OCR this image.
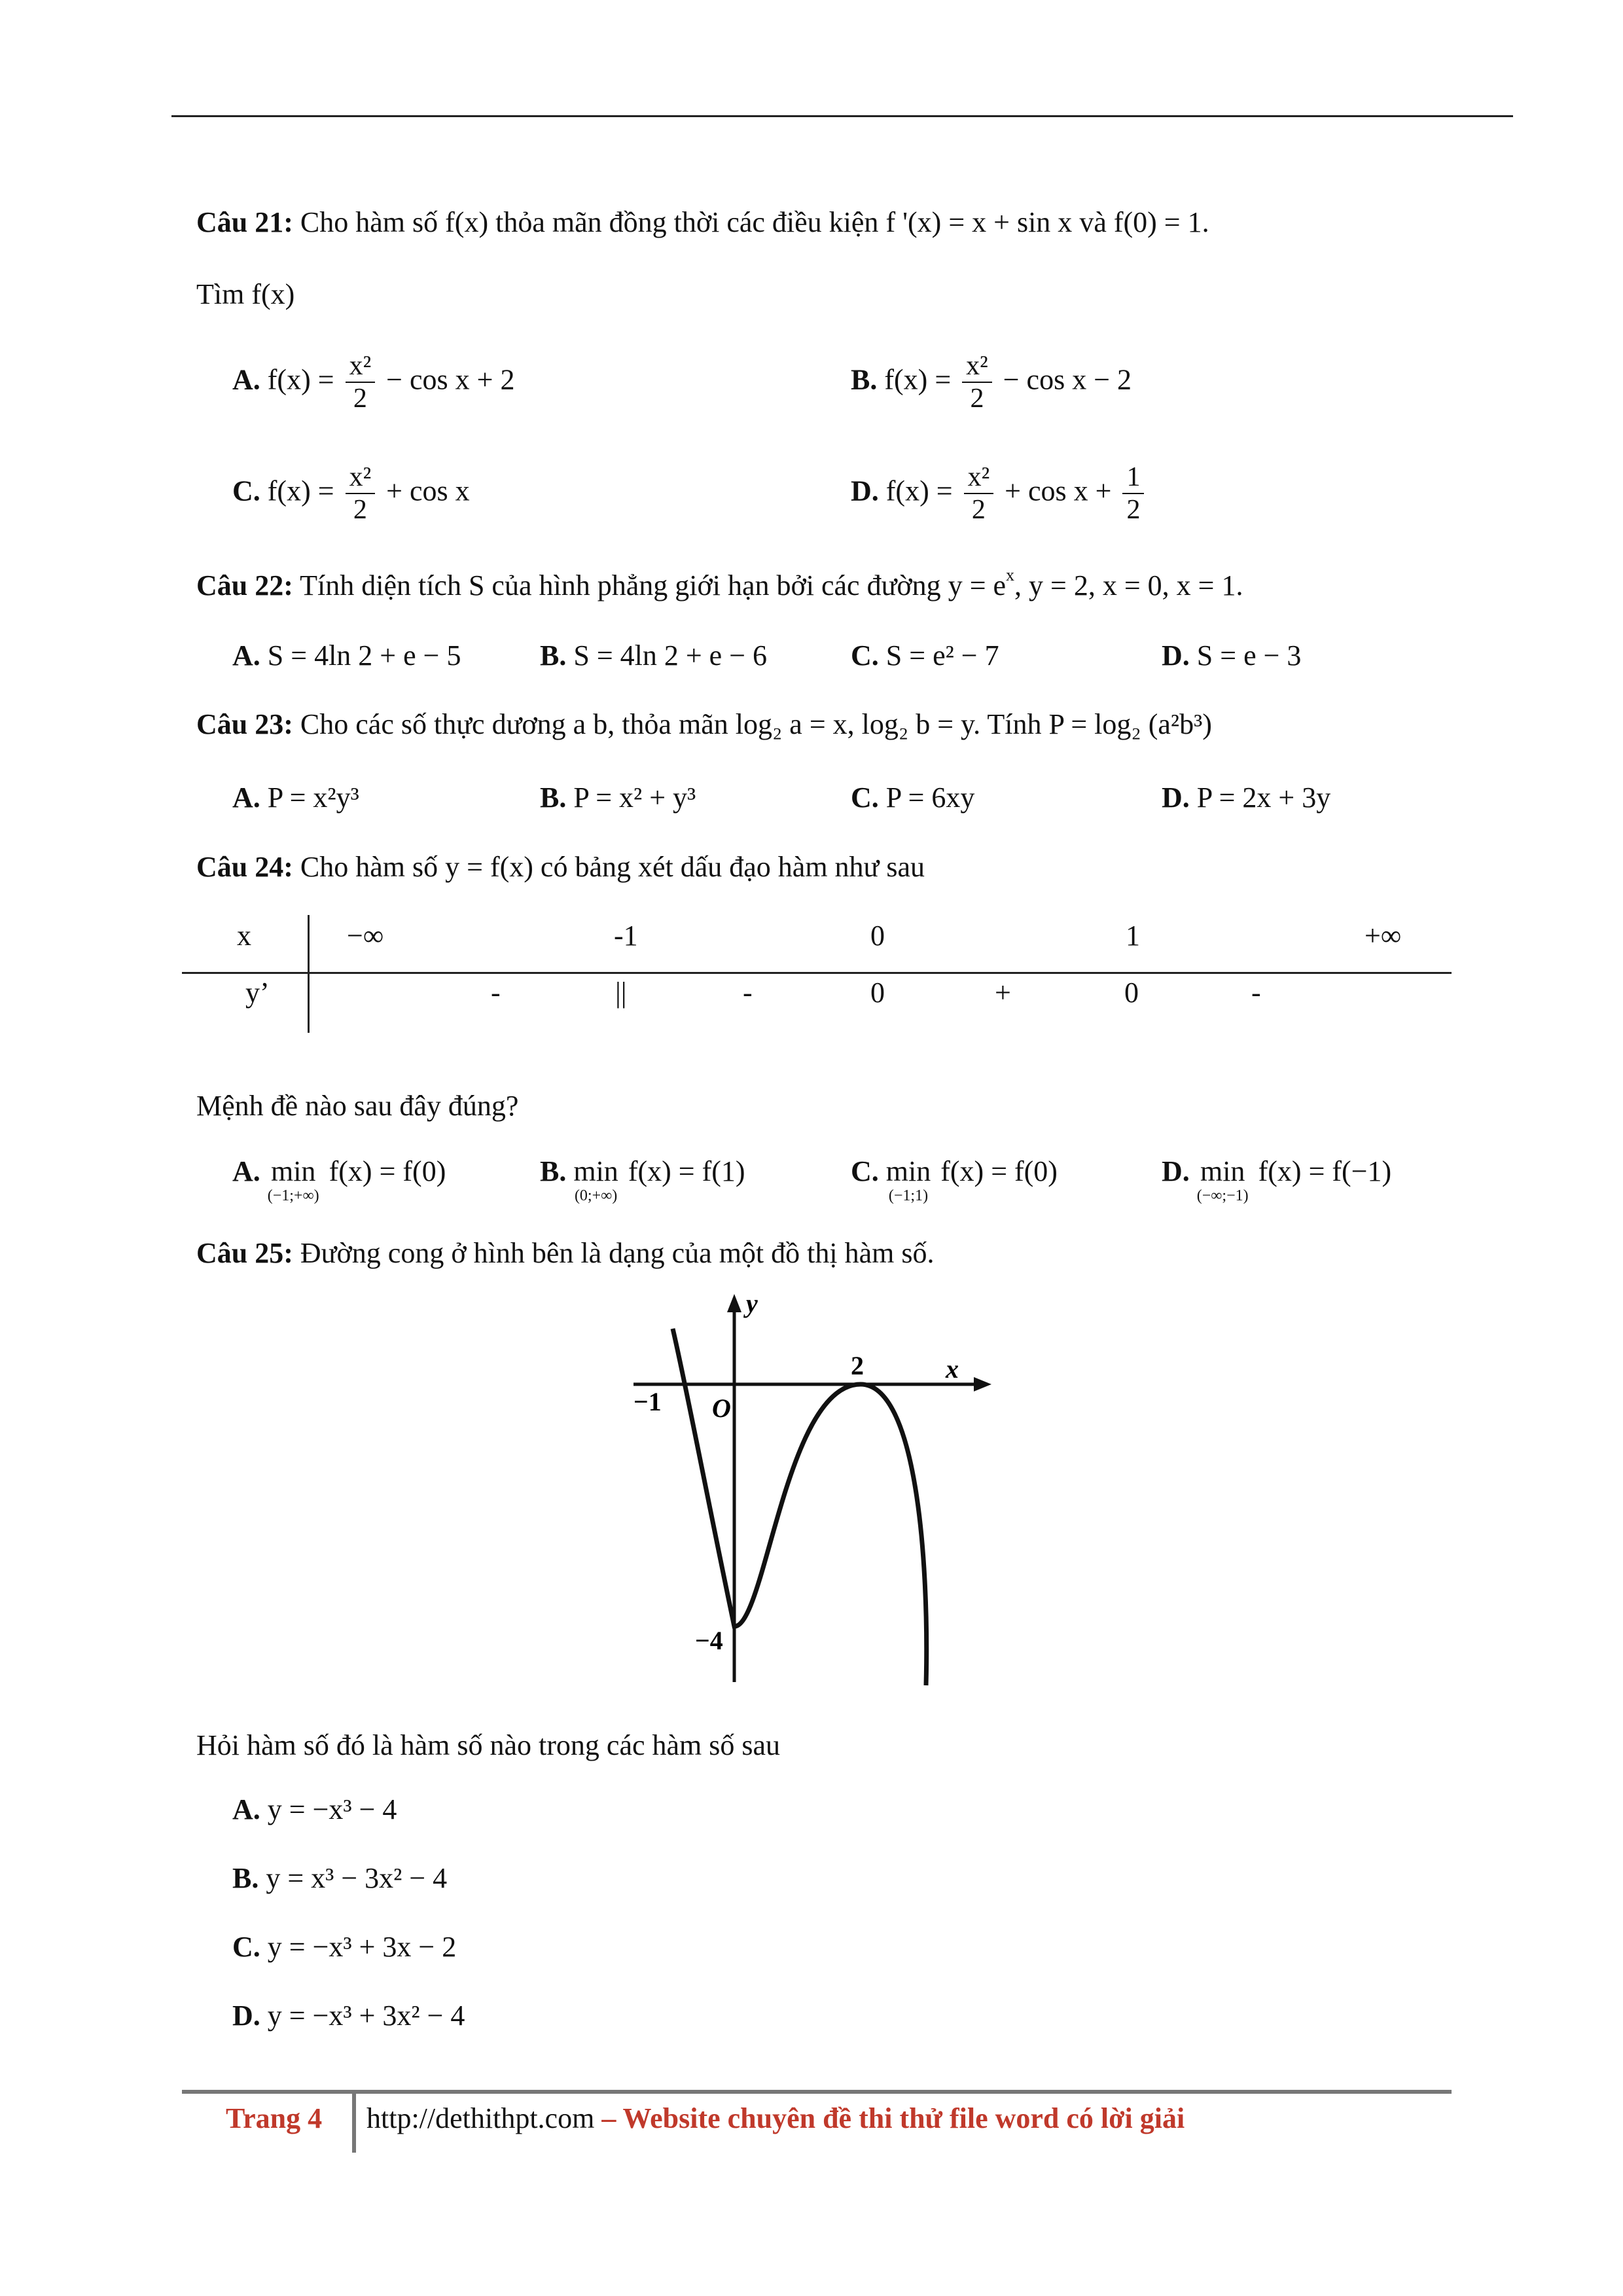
Câu 21: Cho hàm số f(x) thỏa mãn đồng thời các điều kiện f '(x) = x + sin x và f(0) = 1.
Tìm f(x)
A. $f(x) = \frac{\text{x²}}{2} - \cos x + 2$	B. $f(x) = \frac{\text{x²}}{2} - \cos x - 2$
C. $f(x) = \frac{\text{x²}}{2} + \cos x$	D. $f(x) = \frac{\text{x²}}{2} + \cos x + \frac{1}{2}$
Câu 22: Tính diện tích S của hình phẳng giới hạn bởi các đường $y = e^x$, y = 2, x = 0, x = 1.
A. S = 4ln 2 + e − 5	B. S = 4ln 2 + e − 6	C. S = e² − 7	D. S = e − 3
Câu 23: Cho các số thực dương a b, thỏa mãn log₂ a = x, log₂ b = y. Tính P = log₂ (a²b³)
A. P = x²y³	B. P = x² + y³	C. P = 6xy	D. P = 2x + 3y
Câu 24: Cho hàm số y = f(x) có bảng xét dấu đạo hàm như sau
x	−∞	-1	0	1	+∞
y’	-	||	-	0	+	0	-
Mệnh đề nào sau đây đúng?
A. min
(−1;+∞)
f(x) = f(0)	B. min
(0;+∞)
f(x) = f(1)	C. min
(−1;1)
f(x) = f(0)	D. min
(−∞;−1)
f(x) = f(−1)
Câu 25: Đường cong ở hình bên là dạng của một đồ thị hàm số.
y
x
O
−1
2
−4
Hỏi hàm số đó là hàm số nào trong các hàm số sau
A. y = −x³ − 4
B. y = x³ − 3x² − 4
C. y = −x³ + 3x − 2
D. y = −x³ + 3x² − 4
Trang 4 http://dethithpt.com – Website chuyên đề thi thử file word có lời giải
